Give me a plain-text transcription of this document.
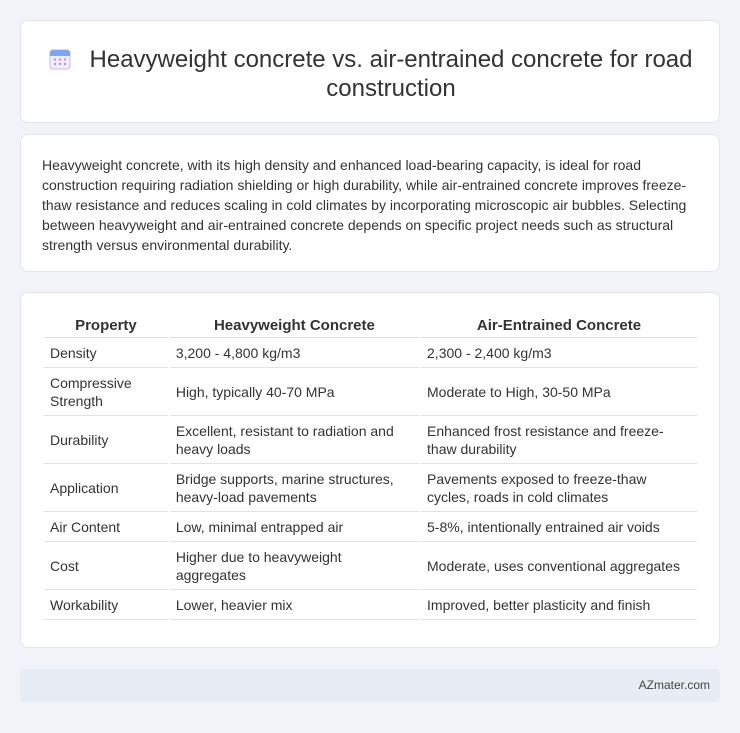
Heavyweight concrete vs. air-entrained concrete for road construction

Heavyweight concrete, with its high density and enhanced load-bearing capacity, is ideal for road construction requiring radiation shielding or high durability, while air-entrained concrete improves freeze-thaw resistance and reduces scaling in cold climates by incorporating microscopic air bubbles. Selecting between heavyweight and air-entrained concrete depends on specific project needs such as structural strength versus environmental durability.

Property	Heavyweight Concrete	Air-Entrained Concrete
Density	3,200 - 4,800 kg/m3	2,300 - 2,400 kg/m3
Compressive Strength	High, typically 40-70 MPa	Moderate to High, 30-50 MPa
Durability	Excellent, resistant to radiation and heavy loads	Enhanced frost resistance and freeze-thaw durability
Application	Bridge supports, marine structures, heavy-load pavements	Pavements exposed to freeze-thaw cycles, roads in cold climates
Air Content	Low, minimal entrapped air	5-8%, intentionally entrained air voids
Cost	Higher due to heavyweight aggregates	Moderate, uses conventional aggregates
Workability	Lower, heavier mix	Improved, better plasticity and finish
AZmater.com
